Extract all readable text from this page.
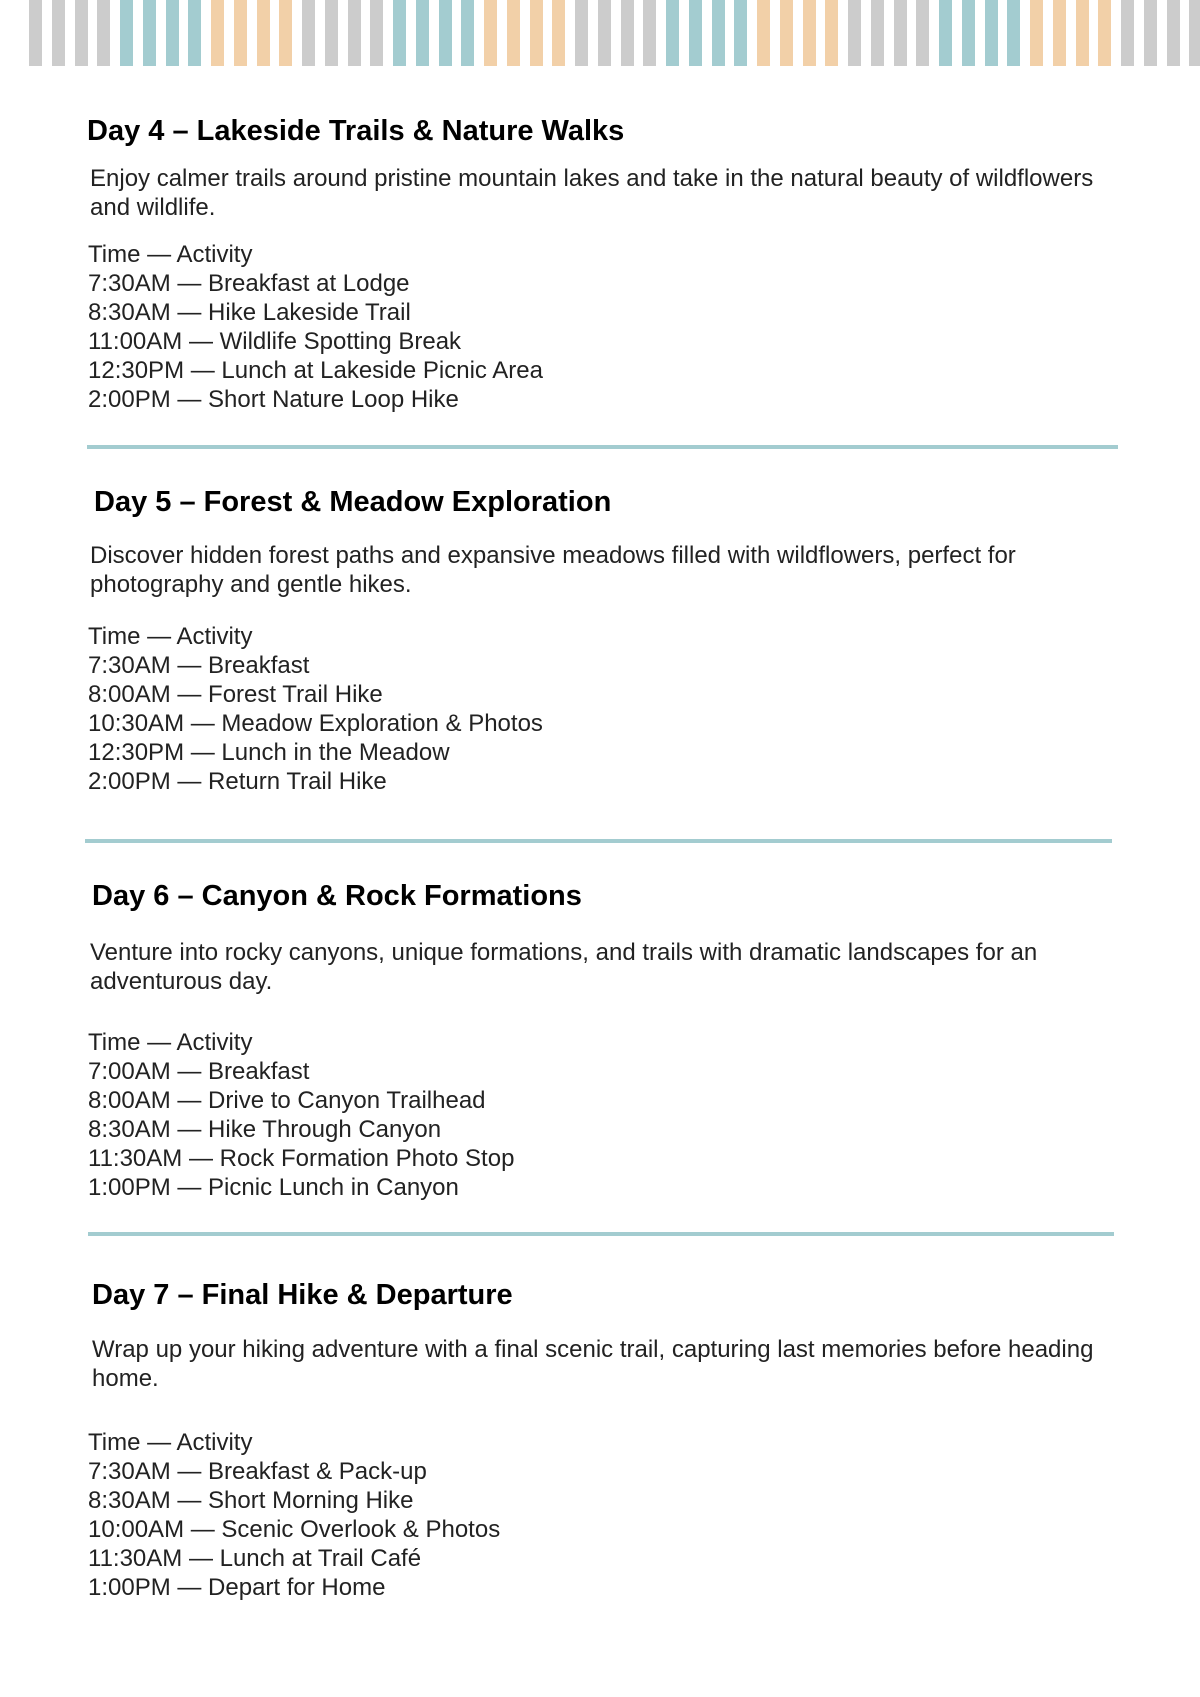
Day 4 – Lakeside Trails & Nature Walks

Enjoy calmer trails around pristine mountain lakes and take in the natural beauty of wildflowers and wildlife.

Time — Activity
7:30AM — Breakfast at Lodge
8:30AM — Hike Lakeside Trail
11:00AM — Wildlife Spotting Break
12:30PM — Lunch at Lakeside Picnic Area
2:00PM — Short Nature Loop Hike
Day 5 – Forest & Meadow Exploration

Discover hidden forest paths and expansive meadows filled with wildflowers, perfect for photography and gentle hikes.

Time — Activity
7:30AM — Breakfast
8:00AM — Forest Trail Hike
10:30AM — Meadow Exploration & Photos
12:30PM — Lunch in the Meadow
2:00PM — Return Trail Hike
Day 6 – Canyon & Rock Formations

Venture into rocky canyons, unique formations, and trails with dramatic landscapes for an adventurous day.

Time — Activity
7:00AM — Breakfast
8:00AM — Drive to Canyon Trailhead
8:30AM — Hike Through Canyon
11:30AM — Rock Formation Photo Stop
1:00PM — Picnic Lunch in Canyon
Day 7 – Final Hike & Departure

Wrap up your hiking adventure with a final scenic trail, capturing last memories before heading home.

Time — Activity
7:30AM — Breakfast & Pack-up
8:30AM — Short Morning Hike
10:00AM — Scenic Overlook & Photos
11:30AM — Lunch at Trail Café
1:00PM — Depart for Home
